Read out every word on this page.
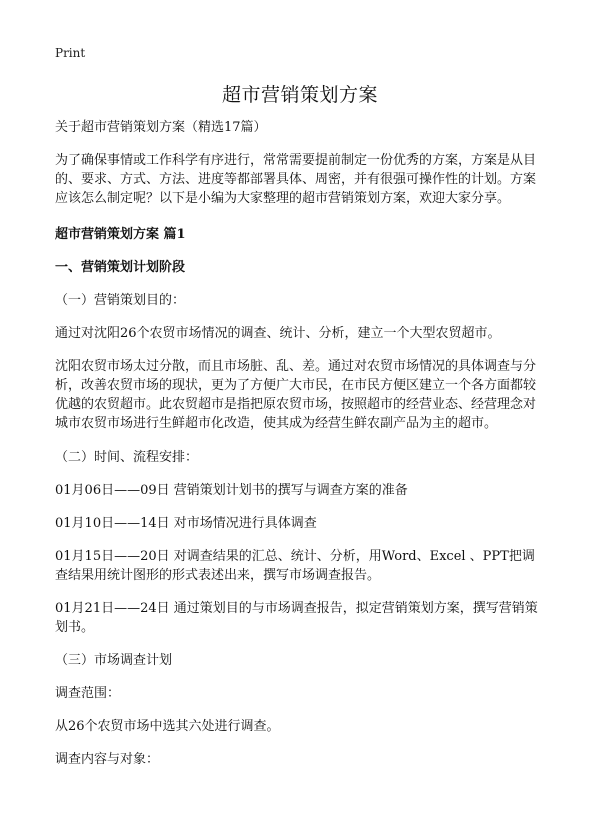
Print
超市营销策划方案

关于超市营销策划方案（精选17篇）

为了确保事情或工作科学有序进行，常常需要提前制定一份优秀的方案，方案是从目的、要求、方式、方法、进度等都部署具体、周密，并有很强可操作性的计划。方案应该怎么制定呢？以下是小编为大家整理的超市营销策划方案，欢迎大家分享。

超市营销策划方案 篇1

一、营销策划计划阶段

（一）营销策划目的：

通过对沈阳26个农贸市场情况的调查、统计、分析，建立一个大型农贸超市。

沈阳农贸市场太过分散，而且市场脏、乱、差。通过对农贸市场情况的具体调查与分析，改善农贸市场的现状，更为了方便广大市民，在市民方便区建立一个各方面都较优越的农贸超市。此农贸超市是指把原农贸市场，按照超市的经营业态、经营理念对城市农贸市场进行生鲜超市化改造，使其成为经营生鲜农副产品为主的超市。

（二）时间、流程安排：

01月06日——09日 营销策划计划书的撰写与调查方案的准备

01月10日——14日 对市场情况进行具体调查

01月15日——20日 对调查结果的汇总、统计、分析，用Word、Excel 、PPT把调查结果用统计图形的形式表述出来，撰写市场调查报告。

01月21日——24日 通过策划目的与市场调查报告，拟定营销策划方案，撰写营销策划书。

（三）市场调查计划

调查范围：

从26个农贸市场中选其六处进行调查。

调查内容与对象：
